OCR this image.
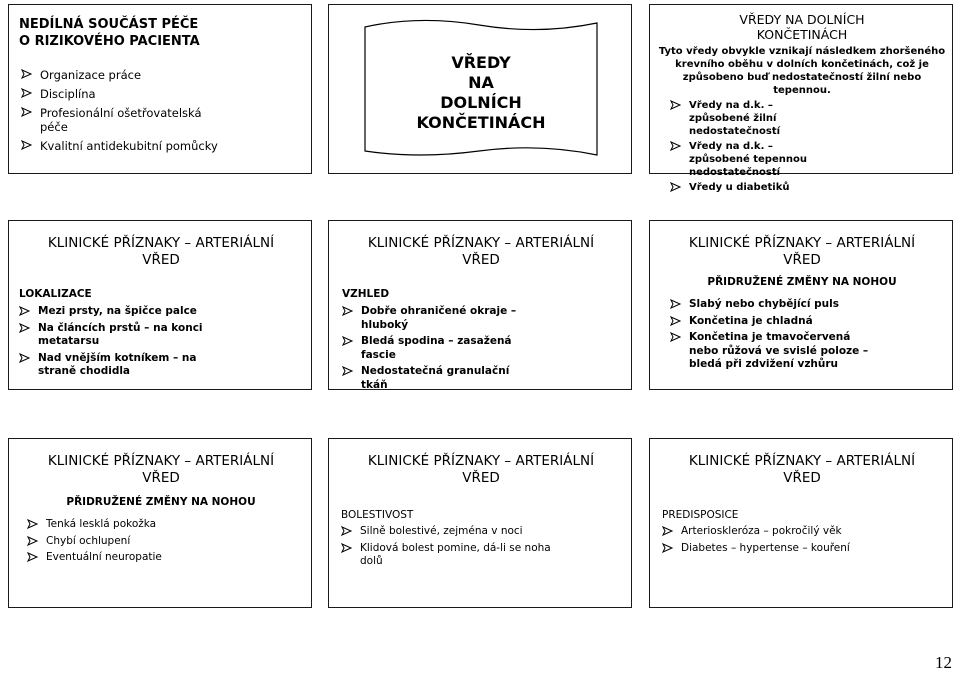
NEDÍLNÁ SOUČÁST PÉČE O RIZIKOVÉHO PACIENTA
Organizace práce
Disciplína
Profesionální ošetřovatelská péče
Kvalitní antidekubitní pomůcky
VŘEDY
NA
DOLNÍCH
KONČETINÁCH
VŘEDY NA DOLNÍCH KONČETINÁCH
Tyto vředy obvykle vznikají následkem zhoršeného krevního oběhu v dolních končetinách, což je způsobeno buď nedostatečností žilní nebo tepennou.
Vředy na d.k. – způsobené žilní nedostatečností
Vředy na d.k. – způsobené tepennou nedostatečností
Vředy u diabetiků
KLINICKÉ PŘÍZNAKY – ARTERIÁLNÍ VŘED
LOKALIZACE
Mezi prsty, na špičce palce
Na článcích prstů – na konci metatarsu
Nad vnějším kotníkem – na straně chodidla
KLINICKÉ PŘÍZNAKY – ARTERIÁLNÍ VŘED
VZHLED
Dobře ohraničené okraje – hluboký
Bledá spodina – zasažená fascie
Nedostatečná granulační tkáň
KLINICKÉ PŘÍZNAKY – ARTERIÁLNÍ VŘED
PŘIDRUŽENÉ ZMĚNY NA NOHOU
Slabý nebo chybějící puls
Končetina je chladná
Končetina je tmavočervená nebo růžová ve svislé poloze – bledá při zdvižení vzhůru
KLINICKÉ PŘÍZNAKY – ARTERIÁLNÍ VŘED
PŘIDRUŽENÉ ZMĚNY NA NOHOU
Tenká lesklá pokožka
Chybí ochlupení
Eventuální neuropatie
KLINICKÉ PŘÍZNAKY – ARTERIÁLNÍ VŘED
BOLESTIVOST
Silně bolestivé, zejména v noci
Klidová bolest pomine, dá-li se noha dolů
KLINICKÉ PŘÍZNAKY – ARTERIÁLNÍ VŘED
PREDISPOSICE
Arterioskleróza – pokročilý věk
Diabetes – hypertense – kouření
12
